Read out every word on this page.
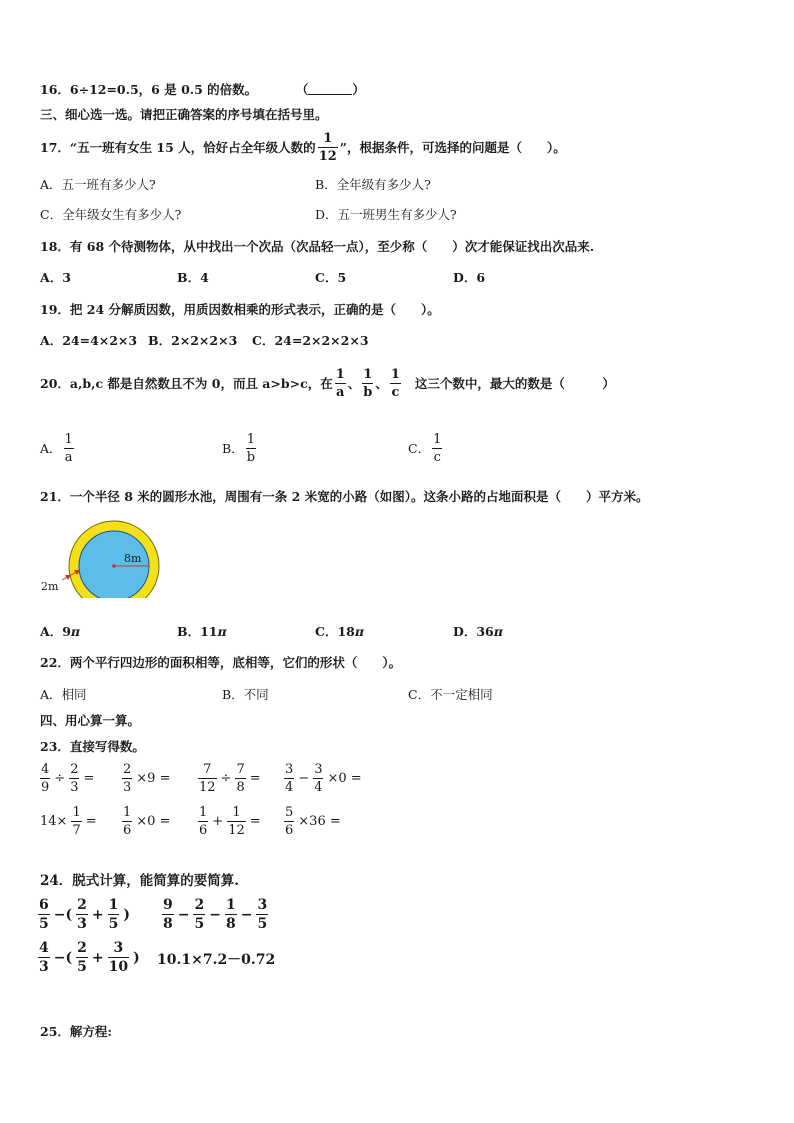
16．6÷12=0.5，6 是 0.5 的倍数。	（	）
三、细心选一选。请把正确答案的序号填在括号里。
17．“五一班有女生 15 人，恰好占全年级人数的 $\frac{1}{12}$ ”，根据条件，可选择的问题是（　　）。
A．五一班有多少人?	B．全年级有多少人?
C．全年级女生有多少人?	D．五一班男生有多少人?
18．有 68 个待测物体，从中找出一个次品（次品轻一点），至少称（　　）次才能保证找出次品来.
A．3	B．4	C．5	D．6
19．把 24 分解质因数，用质因数相乘的形式表示，正确的是（　　）。
A．24=4×2×3 B．2×2×2×3 C．24=2×2×2×3
20．a,b,c 都是自然数且不为 0，而且 a>b>c，在 $\frac{1}{a}$ 、 $\frac{1}{b}$ 、 $\frac{1}{c}$ 这三个数中，最大的数是（　　　）
A． $\frac{1}{a}$	B． $\frac{1}{b}$	C． $\frac{1}{c}$
21．一个半径 8 米的圆形水池，周围有一条 2 米宽的小路（如图）。这条小路的占地面积是（　　）平方米。
8m
2m
A．9π	B．11π	C．18π	D．36π
22．两个平行四边形的面积相等，底相等，它们的形状（　　）。
A．相同	B．不同	C．不一定相同
四、用心算一算。
23．直接写得数。
$\frac{4}{9} \div \frac{2}{3} = \frac{2}{3} \times 9 = \frac{7}{12} \div \frac{7}{8} = \frac{3}{4} - \frac{3}{4} \times 0$ =
$14\times \frac{1}{7} = \frac{1}{6} \times 0 = \frac{1}{6} + \frac{1}{12} = \frac{5}{6} \times 36$ =
24．脱式计算，能简算的要简算.
$\frac{6}{5}$ −( $\frac{2}{3} + \frac{1}{5}$ ) $\frac{9}{8} - \frac{2}{5} - \frac{1}{8} - \frac{3}{5}$
$\frac{4}{3}$ −( $\frac{2}{5} + \frac{3}{10}$ ) 10.1×7.2－0.72
25．解方程:
